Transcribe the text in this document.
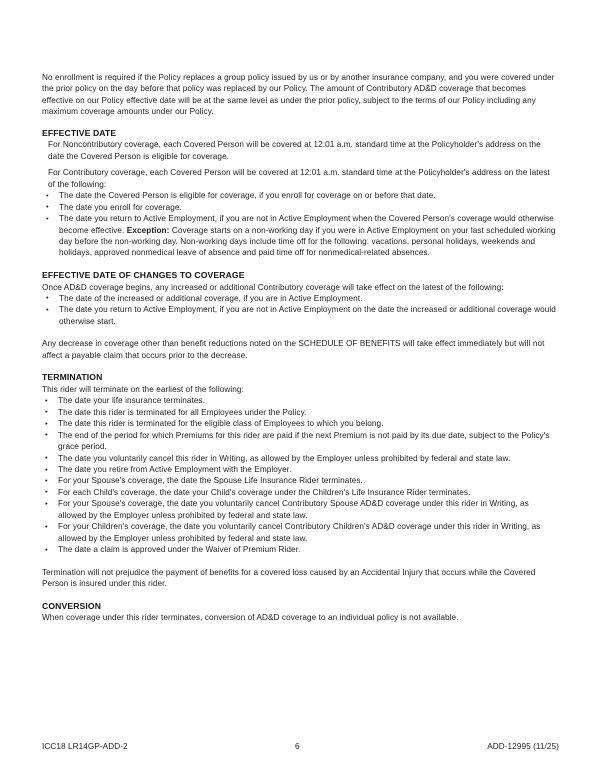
No enrollment is required if the Policy replaces a group policy issued by us or by another insurance company, and you were covered under the prior policy on the day before that policy was replaced by our Policy. The amount of Contributory AD&D coverage that becomes effective on our Policy effective date will be at the same level as under the prior policy, subject to the terms of our Policy including any maximum coverage amounts under our Policy.

EFFECTIVE DATE

For Noncontributory coverage, each Covered Person will be covered at 12:01 a.m. standard time at the Policyholder's address on the date the Covered Person is eligible for coverage.

For Contributory coverage, each Covered Person will be covered at 12:01 a.m. standard time at the Policyholder's address on the latest of the following:

• The date the Covered Person is eligible for coverage, if you enroll for coverage on or before that date.
• The date you enroll for coverage.
• The date you return to Active Employment, if you are not in Active Employment when the Covered Person's coverage would otherwise become effective. Exception: Coverage starts on a non-working day if you were in Active Employment on your last scheduled working day before the non-working day. Non-working days include time off for the following: vacations, personal holidays, weekends and holidays, approved nonmedical leave of absence and paid time off for nonmedical-related absences.
EFFECTIVE DATE OF CHANGES TO COVERAGE

Once AD&D coverage begins, any increased or additional Contributory coverage will take effect on the latest of the following:

• The date of the increased or additional coverage, if you are in Active Employment.
• The date you return to Active Employment, if you are not in Active Employment on the date the increased or additional coverage would otherwise start.

Any decrease in coverage other than benefit reductions noted on the SCHEDULE OF BENEFITS will take effect immediately but will not affect a payable claim that occurs prior to the decrease.

TERMINATION

This rider will terminate on the earliest of the following:

• The date your life insurance terminates.
• The date this rider is terminated for all Employees under the Policy.
• The date this rider is terminated for the eligible class of Employees to which you belong.
• The end of the period for which Premiums for this rider are paid if the next Premium is not paid by its due date, subject to the Policy's grace period.
• The date you voluntarily cancel this rider in Writing, as allowed by the Employer unless prohibited by federal and state law.
• The date you retire from Active Employment with the Employer.
• For your Spouse's coverage, the date the Spouse Life Insurance Rider terminates.
• For each Child's coverage, the date your Child's coverage under the Children's Life Insurance Rider terminates.
• For your Spouse's coverage, the date you voluntarily cancel Contributory Spouse AD&D coverage under this rider in Writing, as allowed by the Employer unless prohibited by federal and state law.
• For your Children's coverage, the date you voluntarily cancel Contributory Children's AD&D coverage under this rider in Writing, as allowed by the Employer unless prohibited by federal and state law.
• The date a claim is approved under the Waiver of Premium Rider.

Termination will not prejudice the payment of benefits for a covered loss caused by an Accidental Injury that occurs while the Covered Person is insured under this rider.

CONVERSION

When coverage under this rider terminates, conversion of AD&D coverage to an individual policy is not available.

ICC18 LR14GP-ADD-2	6	ADD-12995 (11/25)
